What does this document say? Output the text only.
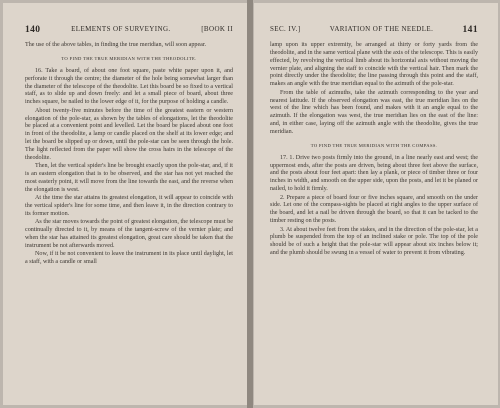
140	ELEMENTS OF SURVEYING.	[BOOK II

The use of the above tables, in finding the true meridian, will soon appear.

TO FIND THE TRUE MERIDIAN WITH THE THEODOLITE.

16. Take a board, of about one foot square, paste white paper upon it, and perforate it through the centre; the diameter of the hole being somewhat larger than the diameter of the telescope of the theodolite. Let this board be so fixed to a vertical staff, as to slide up and down freely: and let a small piece of board, about three inches square, be nailed to the lower edge of it, for the purpose of holding a candle.

About twenty-five minutes before the time of the greatest eastern or western elongation of the pole-star, as shown by the tables of elongations, let the theodolite be placed at a convenient point and levelled. Let the board be placed about one foot in front of the theodolite, a lamp or candle placed on the shelf at its lower edge; and let the board be slipped up or down, until the pole-star can be seen through the hole. The light reflected from the paper will show the cross hairs in the telescope of the theodolite.

Then, let the vertical spider's line be brought exactly upon the pole-star, and, if it is an eastern elongation that is to be observed, and the star has not yet reached the most easterly point, it will move from the line towards the east, and the reverse when the elongation is west.

At the time the star attains its greatest elongation, it will appear to coincide with the vertical spider's line for some time, and then leave it, in the direction contrary to its former motion.

As the star moves towards the point of greatest elongation, the telescope must be continually directed to it, by means of the tangent-screw of the vernier plate; and when the star has attained its greatest elongation, great care should be taken that the instrument be not afterwards moved.

Now, if it be not convenient to leave the instrument in its place until daylight, let a staff, with a candle or small

SEC. IV.]	VARIATION OF THE NEEDLE.	141

lamp upon its upper extremity, be arranged at thirty or forty yards from the theodolite, and in the same vertical plane with the axis of the telescope. This is easily effected, by revolving the vertical limb about its horizontal axis without moving the vernier plate, and aligning the staff to coincide with the vertical hair. Then mark the point directly under the theodolite; the line passing through this point and the staff, makes an angle with the true meridian equal to the azimuth of the pole-star.

From the table of azimuths, take the azimuth corresponding to the year and nearest latitude. If the observed elongation was east, the true meridian lies on the west of the line which has been found, and makes with it an angle equal to the azimuth. If the elongation was west, the true meridian lies on the east of the line: and, in either case, laying off the azimuth angle with the theodolite, gives the true meridian.

TO FIND THE TRUE MERIDIAN WITH THE COMPASS.

17. 1. Drive two posts firmly into the ground, in a line nearly east and west; the uppermost ends, after the posts are driven, being about three feet above the surface, and the posts about four feet apart: then lay a plank, or piece of timber three or four inches in width, and smooth on the upper side, upon the posts, and let it be planed or nailed, to hold it firmly.

2. Prepare a piece of board four or five inches square, and smooth on the under side. Let one of the compass-sights be placed at right angles to the upper surface of the board, and let a nail be driven through the board, so that it can be tacked to the timber resting on the posts.

3. At about twelve feet from the stakes, and in the direction of the pole-star, let a plumb be suspended from the top of an inclined stake or pole. The top of the pole should be of such a height that the pole-star will appear about six inches below it; and the plumb should be swung in a vessel of water to prevent it from vibrating.
